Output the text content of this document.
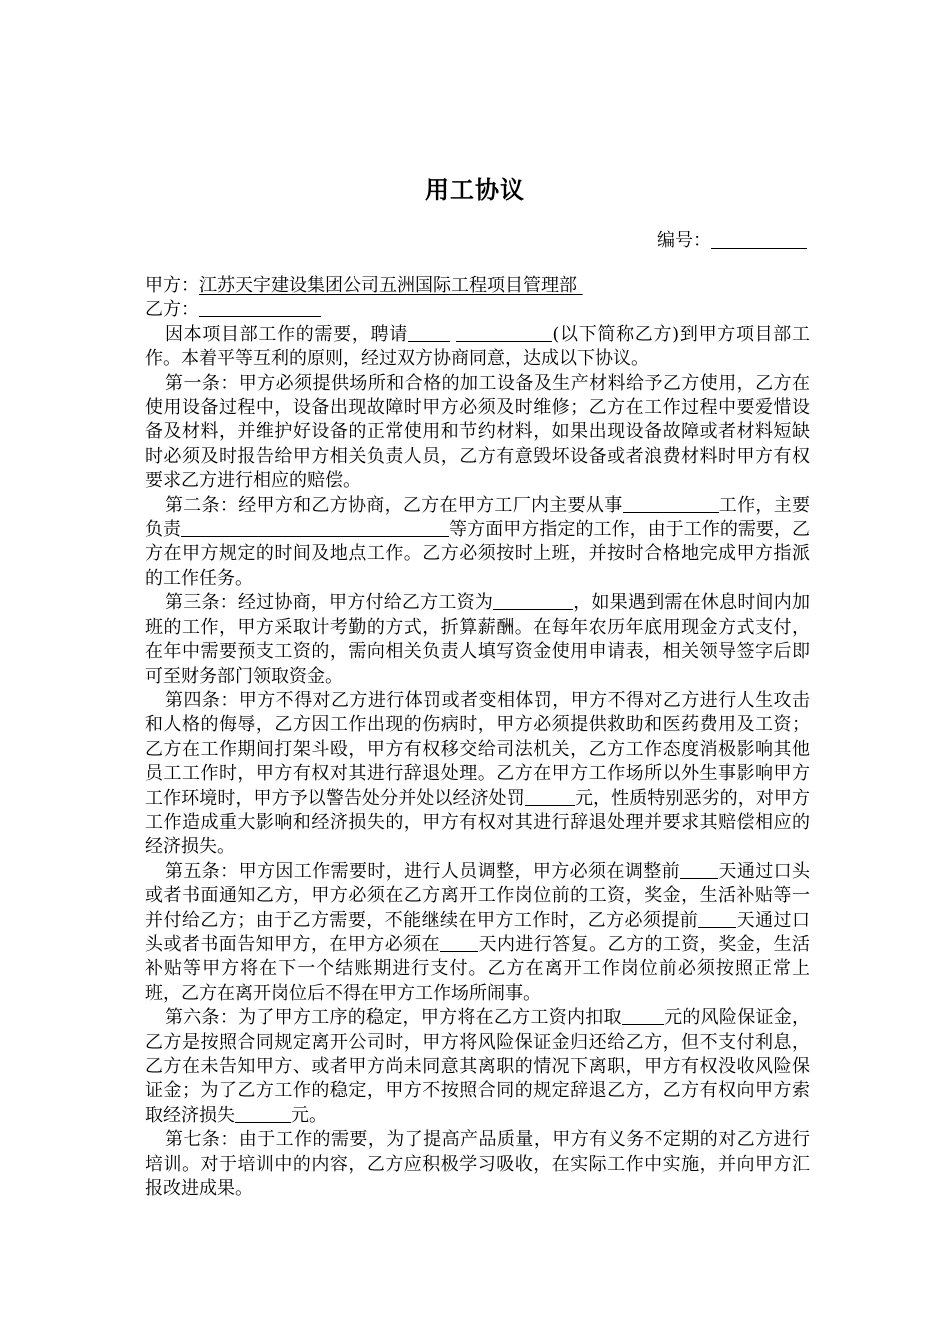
用工协议
编号：

甲方：江苏天宇建设集团公司五洲国际工程项目管理部

乙方：

因本项目部工作的需要，聘请	(以下简称乙方)到甲方项目部工作。本着平等互利的原则，经过双方协商同意，达成以下协议。

第一条：甲方必须提供场所和合格的加工设备及生产材料给予乙方使用，乙方在使用设备过程中，设备出现故障时甲方必须及时维修；乙方在工作过程中要爱惜设备及材料，并维护好设备的正常使用和节约材料，如果出现设备故障或者材料短缺时必须及时报告给甲方相关负责人员，乙方有意毁坏设备或者浪费材料时甲方有权要求乙方进行相应的赔偿。

第二条：经甲方和乙方协商，乙方在甲方工厂内主要从事	工作，主要负责	等方面甲方指定的工作，由于工作的需要，乙方在甲方规定的时间及地点工作。乙方必须按时上班，并按时合格地完成甲方指派的工作任务。

第三条：经过协商，甲方付给乙方工资为	，如果遇到需在休息时间内加班的工作，甲方采取计考勤的方式，折算薪酬。在每年农历年底用现金方式支付，在年中需要预支工资的，需向相关负责人填写资金使用申请表，相关领导签字后即可至财务部门领取资金。

第四条：甲方不得对乙方进行体罚或者变相体罚，甲方不得对乙方进行人生攻击和人格的侮辱，乙方因工作出现的伤病时，甲方必须提供救助和医药费用及工资；乙方在工作期间打架斗殴，甲方有权移交给司法机关，乙方工作态度消极影响其他员工工作时，甲方有权对其进行辞退处理。乙方在甲方工作场所以外生事影响甲方工作环境时，甲方予以警告处分并处以经济处罚	元，性质特别恶劣的，对甲方工作造成重大影响和经济损失的，甲方有权对其进行辞退处理并要求其赔偿相应的经济损失。

第五条：甲方因工作需要时，进行人员调整，甲方必须在调整前 天通过口头或者书面通知乙方，甲方必须在乙方离开工作岗位前的工资，奖金，生活补贴等一并付给乙方；由于乙方需要，不能继续在甲方工作时，乙方必须提前 天通过口头或者书面告知甲方，在甲方必须在 天内进行答复。乙方的工资，奖金，生活补贴等甲方将在下一个结账期进行支付。乙方在离开工作岗位前必须按照正常上班，乙方在离开岗位后不得在甲方工作场所闹事。

第六条：为了甲方工序的稳定，甲方将在乙方工资内扣取 元的风险保证金，乙方是按照合同规定离开公司时，甲方将风险保证金归还给乙方，但不支付利息，乙方在未告知甲方、或者甲方尚未同意其离职的情况下离职，甲方有权没收风险保证金；为了乙方工作的稳定，甲方不按照合同的规定辞退乙方，乙方有权向甲方索取经济损失	元。

第七条：由于工作的需要，为了提高产品质量，甲方有义务不定期的对乙方进行培训。对于培训中的内容，乙方应积极学习吸收，在实际工作中实施，并向甲方汇报改进成果。
